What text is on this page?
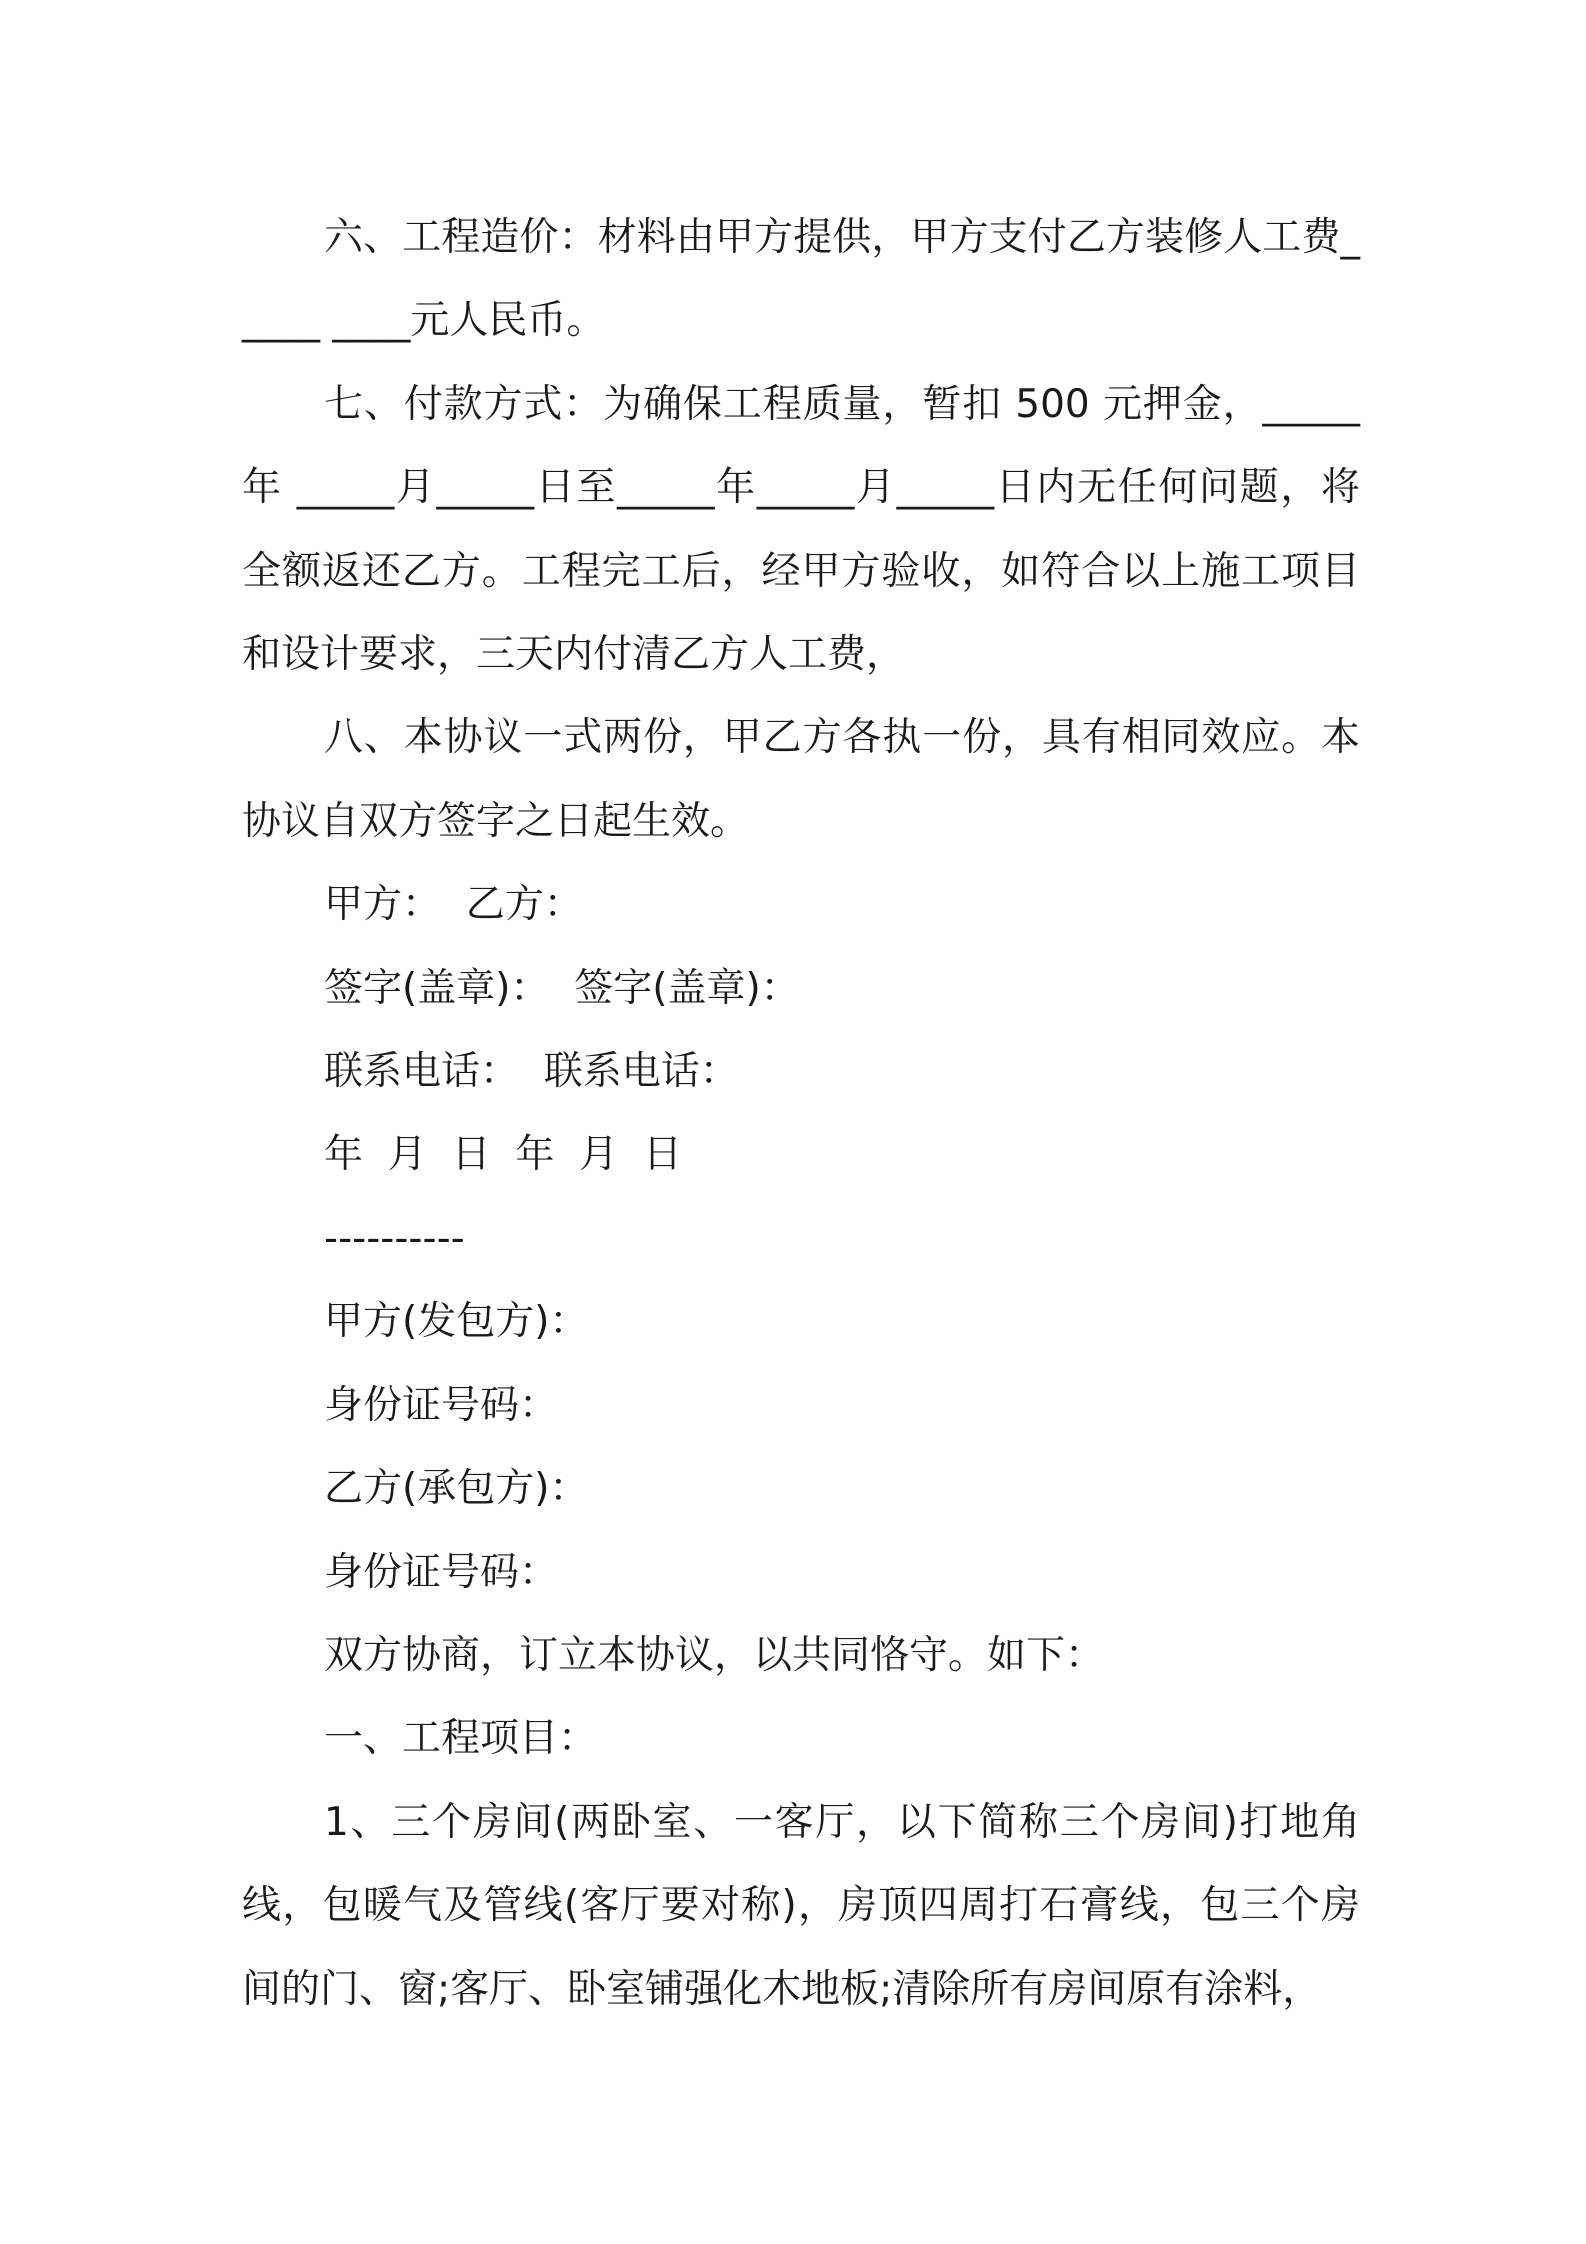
六、工程造价：材料由甲方提供，甲方支付乙方装修人工费_____ ____元人民币。

七、付款方式：为确保工程质量，暂扣 500 元押金，_____年 _____月_____日至_____年_____月_____日内无任何问题，将全额返还乙方。工程完工后，经甲方验收，如符合以上施工项目和设计要求，三天内付清乙方人工费，

八、本协议一式两份，甲乙方各执一份，具有相同效应。本协议自双方签字之日起生效。

甲方：  乙方：

签字(盖章)：  签字(盖章)：

联系电话：  联系电话：

年  月  日  年  月  日

----------

甲方(发包方)：

身份证号码：

乙方(承包方)：

身份证号码：

双方协商，订立本协议，以共同恪守。如下：

一、工程项目：

1、三个房间(两卧室、一客厅，以下简称三个房间)打地角线，包暖气及管线(客厅要对称)，房顶四周打石膏线，包三个房间的门、窗;客厅、卧室铺强化木地板;清除所有房间原有涂料，
